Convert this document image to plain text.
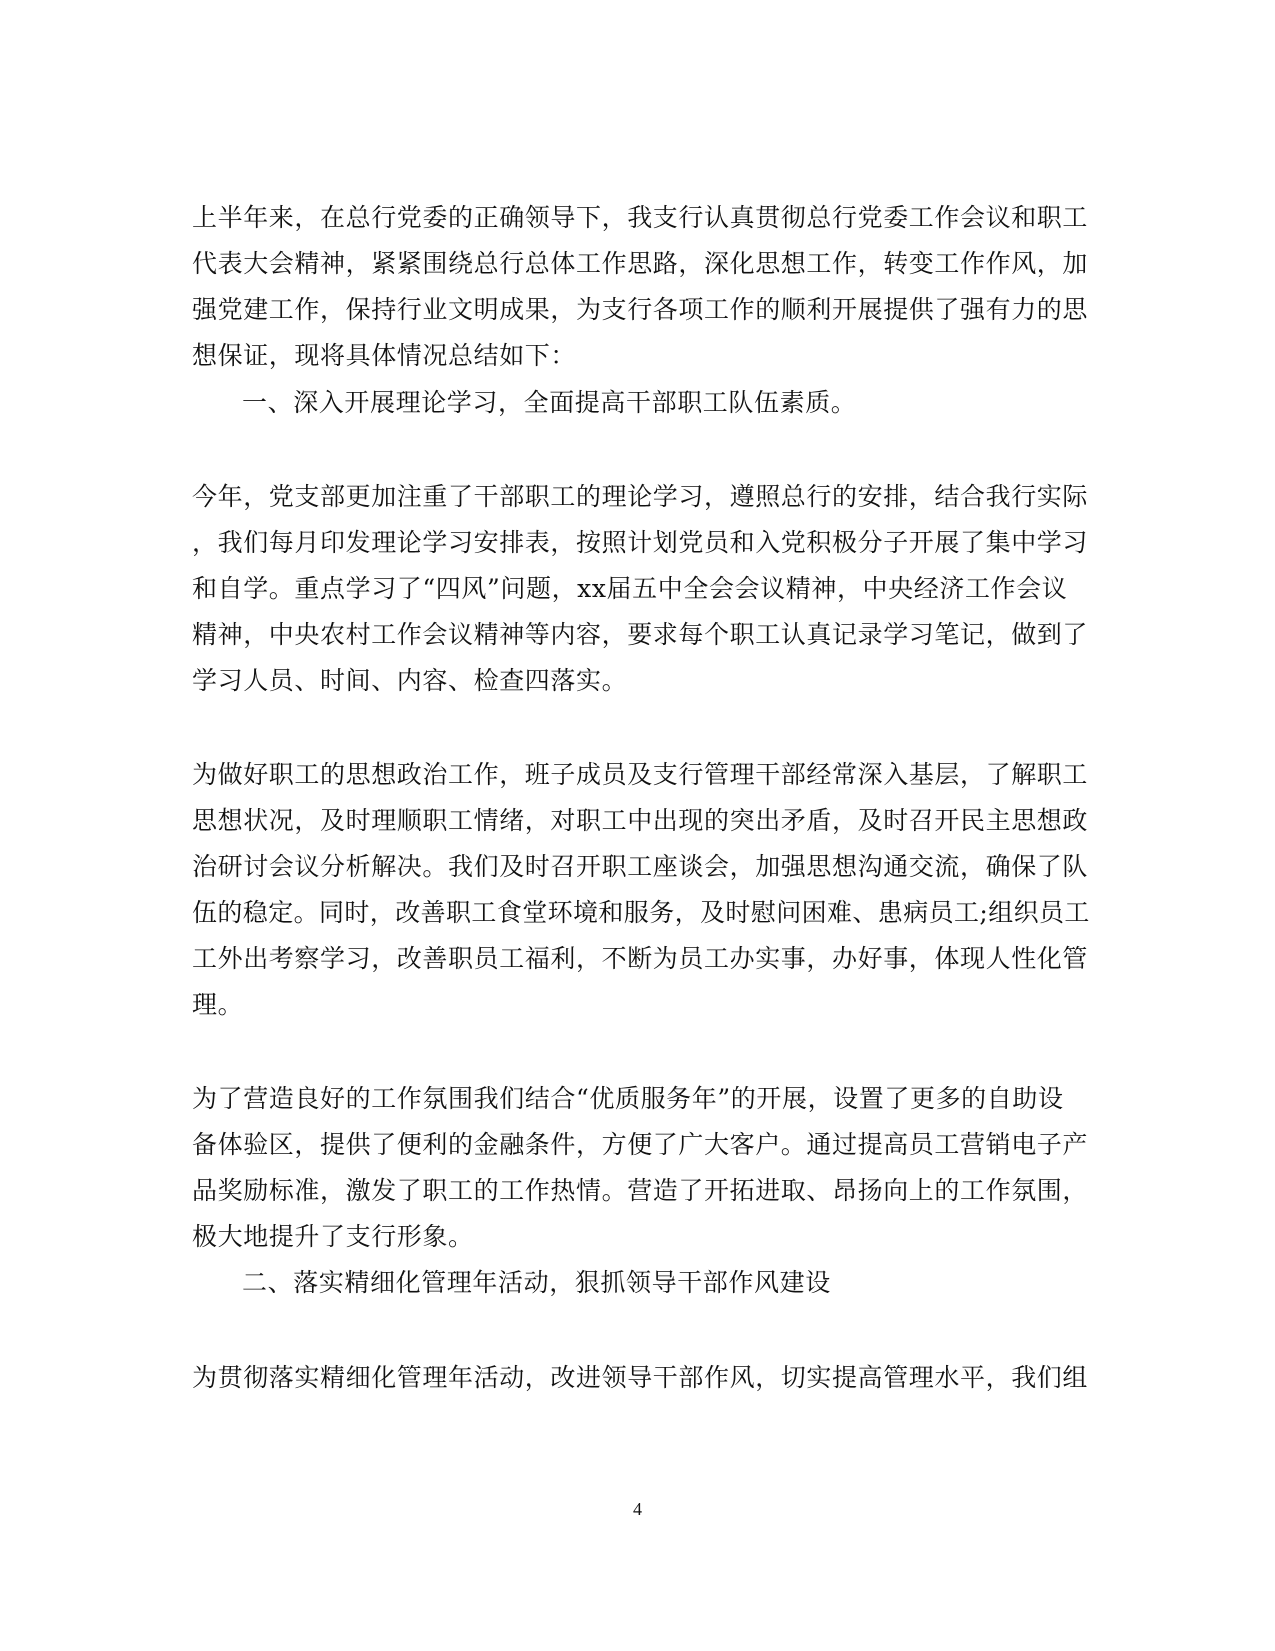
上半年来，在总行党委的正确领导下，我支行认真贯彻总行党委工作会议和职工
代表大会精神，紧紧围绕总行总体工作思路，深化思想工作，转变工作作风，加
强党建工作，保持行业文明成果，为支行各项工作的顺利开展提供了强有力的思
想保证，现将具体情况总结如下：
一、深入开展理论学习，全面提高干部职工队伍素质。
今年，党支部更加注重了干部职工的理论学习，遵照总行的安排，结合我行实际
，我们每月印发理论学习安排表，按照计划党员和入党积极分子开展了集中学习
和自学。重点学习了“四风”问题，xx届五中全会会议精神，中央经济工作会议
精神，中央农村工作会议精神等内容，要求每个职工认真记录学习笔记，做到了
学习人员、时间、内容、检查四落实。
为做好职工的思想政治工作，班子成员及支行管理干部经常深入基层，了解职工
思想状况，及时理顺职工情绪，对职工中出现的突出矛盾，及时召开民主思想政
治研讨会议分析解决。我们及时召开职工座谈会，加强思想沟通交流，确保了队
伍的稳定。同时，改善职工食堂环境和服务，及时慰问困难、患病员工;组织员工
工外出考察学习，改善职员工福利，不断为员工办实事，办好事，体现人性化管
理。
为了营造良好的工作氛围我们结合“优质服务年”的开展，设置了更多的自助设
备体验区，提供了便利的金融条件，方便了广大客户。通过提高员工营销电子产
品奖励标准，激发了职工的工作热情。营造了开拓进取、昂扬向上的工作氛围，
极大地提升了支行形象。
二、落实精细化管理年活动，狠抓领导干部作风建设
为贯彻落实精细化管理年活动，改进领导干部作风，切实提高管理水平，我们组
4
